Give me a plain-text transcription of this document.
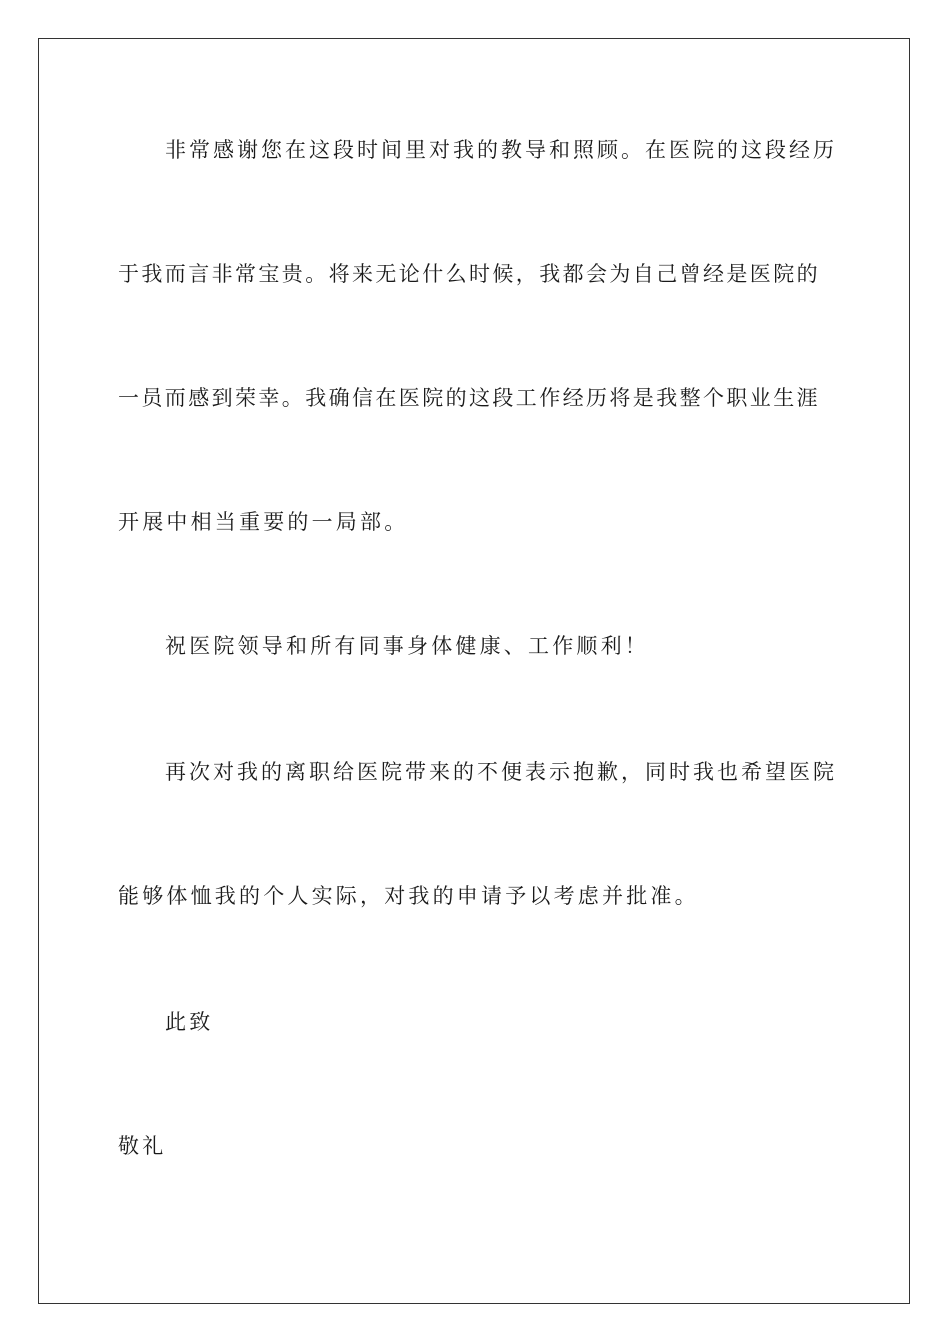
非常感谢您在这段时间里对我的教导和照顾。在医院的这段经历
于我而言非常宝贵。将来无论什么时候，我都会为自己曾经是医院的
一员而感到荣幸。我确信在医院的这段工作经历将是我整个职业生涯
开展中相当重要的一局部。
祝医院领导和所有同事身体健康、工作顺利！
再次对我的离职给医院带来的不便表示抱歉，同时我也希望医院
能够体恤我的个人实际，对我的申请予以考虑并批准。
此致
敬礼
